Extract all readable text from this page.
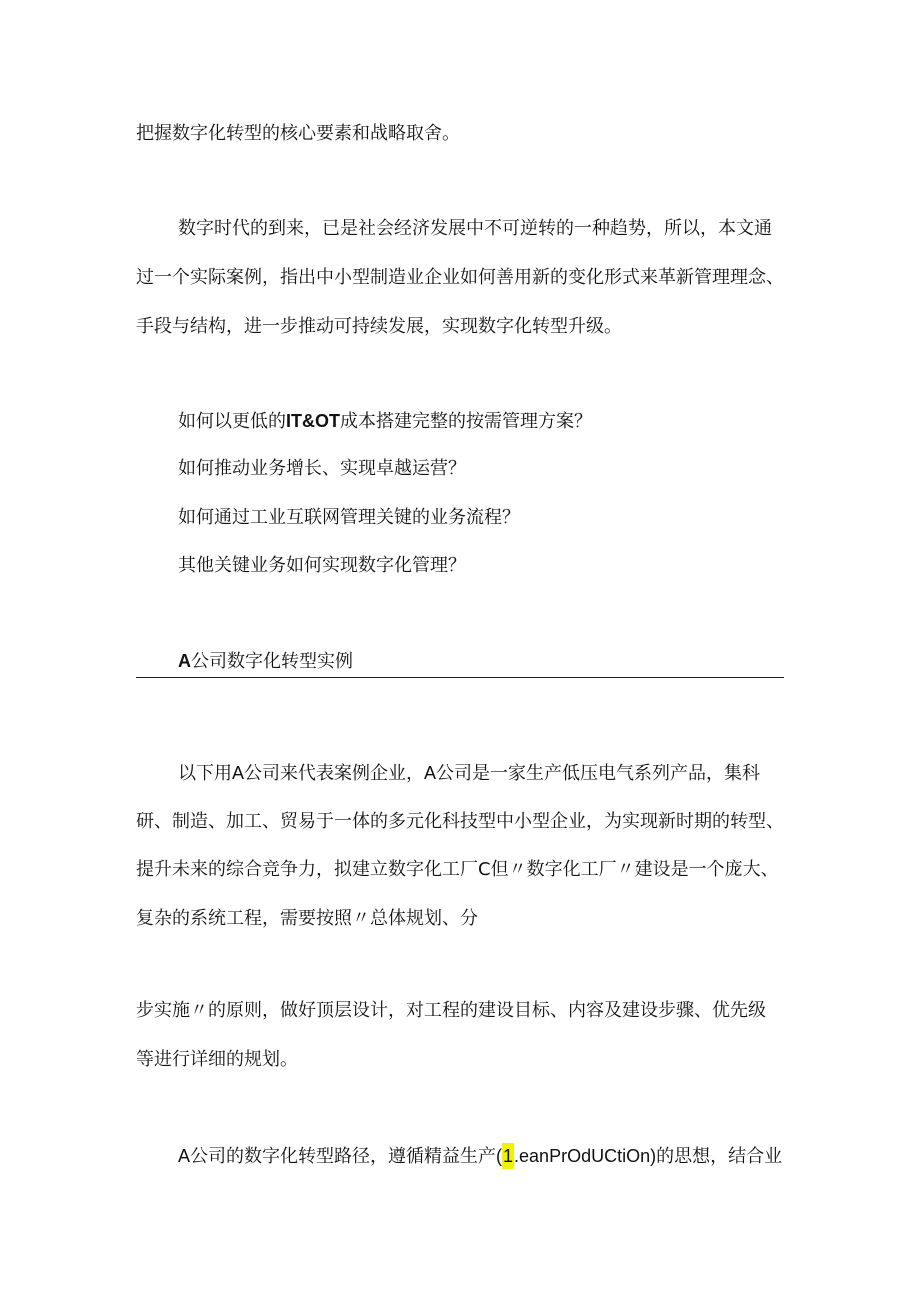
把握数字化转型的核心要素和战略取舍。
数字时代的到来，已是社会经济发展中不可逆转的一种趋势，所以，本文通
过一个实际案例，指出中小型制造业企业如何善用新的变化形式来革新管理理念、
手段与结构，进一步推动可持续发展，实现数字化转型升级。
如何以更低的IT&OT成本搭建完整的按需管理方案？
如何推动业务增长、实现卓越运营？
如何通过工业互联网管理关键的业务流程？
其他关键业务如何实现数字化管理？
A公司数字化转型实例
以下用A公司来代表案例企业，A公司是一家生产低压电气系列产品，集科
研、制造、加工、贸易于一体的多元化科技型中小型企业，为实现新时期的转型、
提升未来的综合竞争力，拟建立数字化工厂C但〃数字化工厂〃建设是一个庞大、
复杂的系统工程，需要按照〃总体规划、分
步实施〃的原则，做好顶层设计，对工程的建设目标、内容及建设步骤、优先级
等进行详细的规划。
A公司的数字化转型路径，遵循精益生产(1.eanPrOdUCtiOn)的思想，结合业
